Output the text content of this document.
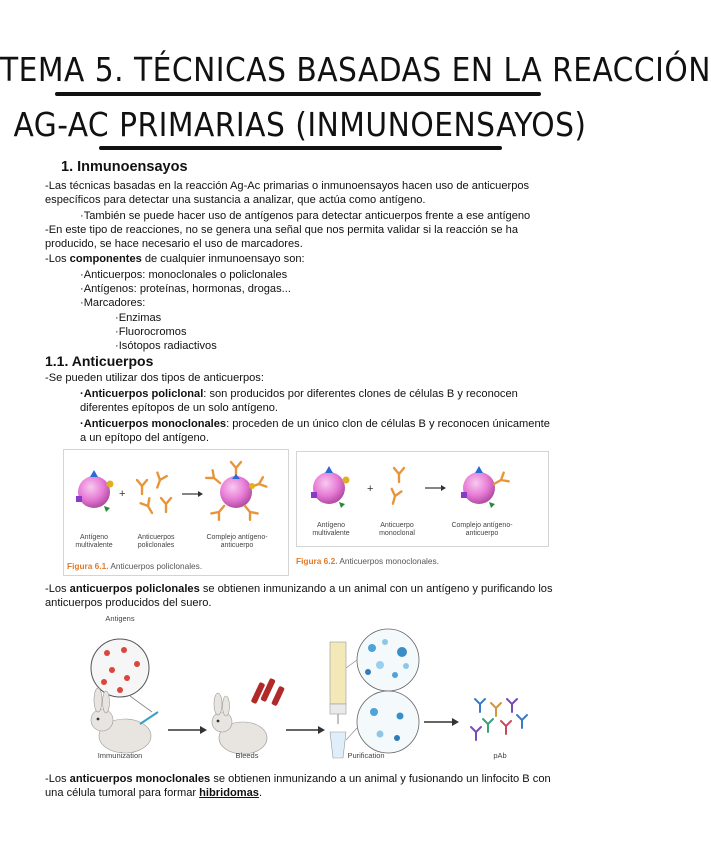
TEMA 5. TÉCNICAS BASADAS EN LA REACCIÓN
AG-AC PRIMARIAS (INMUNOENSAYOS)
1. Inmunoensayos
-Las técnicas basadas en la reacción Ag-Ac primarias o inmunoensayos hacen uso de anticuerpos
específicos para detectar una sustancia a analizar, que actúa como antígeno.
·También se puede hacer uso de antígenos para detectar anticuerpos frente a ese antígeno
-En este tipo de reacciones, no se genera una señal que nos permita validar si la reacción se ha
producido, se hace necesario el uso de marcadores.
-Los componentes de cualquier inmunoensayo son:
·Anticuerpos: monoclonales o policlonales
·Antígenos: proteínas, hormonas, drogas...
·Marcadores:
·Enzimas
·Fluorocromos
·Isótopos radiactivos
1.1. Anticuerpos
-Se pueden utilizar dos tipos de anticuerpos:
·Anticuerpos policlonal: son producidos por diferentes clones de células B y reconocen
diferentes epítopos de un solo antígeno.
·Anticuerpos monoclonales: proceden de un único clon de células B y reconocen únicamente
a un epítopo del antígeno.
+
Antígeno multivalente
Anticuerpos policlonales
Complejo antígeno-anticuerpo
Figura 6.1. Anticuerpos policlonales.
+
Antígeno multivalente
Anticuerpo monoclonal
Complejo antígeno-anticuerpo
Figura 6.2. Anticuerpos monoclonales.
-Los anticuerpos policlonales se obtienen inmunizando a un animal con un antígeno y purificando los
anticuerpos producidos del suero.
Antigens
Immunization	Bleeds	Purification	pAb
-Los anticuerpos monoclonales se obtienen inmunizando a un animal y fusionando un linfocito B con
una célula tumoral para formar hibridomas.
